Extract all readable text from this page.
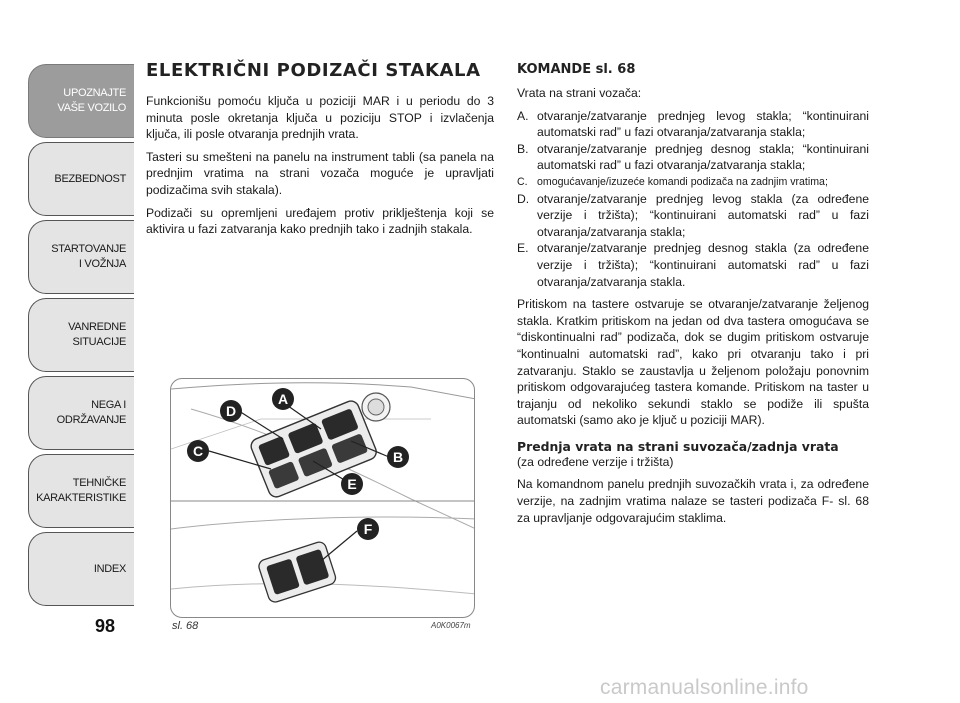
UPOZNAJTE
VAŠE VOZILO
BEZBEDNOST
STARTOVANJE
I VOŽNJA
VANREDNE
SITUACIJE
NEGA I
ODRŽAVANJE
TEHNIČKE
KARAKTERISTIKE
INDEX
98
ELEKTRIČNI PODIZAČI STAKALA

Funkcionišu pomoću ključa u poziciji MAR i u periodu do 3 minuta posle okretanja ključa u poziciju STOP i izvlačenja ključa, ili posle otvaranja prednjih vrata.

Tasteri su smešteni na panelu na instrument tabli (sa panela na prednjim vratima na strani vozača moguće je upravljati podizačima svih stakala).

Podizači su opremljeni uređajem protiv priklještenja koji se aktivira u fazi zatvaranja kako prednjih tako i zadnjih stakala.

D
A
C	B
E
F
sl. 68	A0K0067m
KOMANDE sl. 68

Vrata na strani vozača:

A. otvaranje/zatvaranje prednjeg levog stakla; “kontinuirani automatski rad” u fazi otvaranja/zatvaranja stakla;
B. otvaranje/zatvaranje prednjeg desnog stakla; “kontinuirani automatski rad” u fazi otvaranja/zatvaranja stakla;
C. omogućavanje/izuzeće komandi podizača na zadnjim vratima;
D. otvaranje/zatvaranje prednjeg levog stakla (za određene verzije i tržišta); “kontinuirani automatski rad” u fazi otvaranja/zatvaranja stakla;
E. otvaranje/zatvaranje prednjeg desnog stakla (za određene verzije i tržišta); “kontinuirani automatski rad” u fazi otvaranja/zatvaranja stakla.

Pritiskom na tastere ostvaruje se otvaranje/zatvaranje željenog stakla. Kratkim pritiskom na jedan od dva tastera omogućava se “diskontinualni rad” podizača, dok se dugim pritiskom ostvaruje “kontinualni automatski rad”, kako pri otvaranju tako i pri zatvaranju. Staklo se zaustavlja u željenom položaju ponovnim pritiskom odgovarajućeg tastera komande. Pritiskom na taster u trajanju od nekoliko sekundi staklo se podiže ili spušta automatski (samo ako je ključ u poziciji MAR).

Prednja vrata na strani suvozača/zadnja vrata

(za određene verzije i tržišta)

Na komandnom panelu prednjih suvozačkih vrata i, za određene verzije, na zadnjim vratima nalaze se tasteri podizača F- sl. 68 za upravljanje odgovarajućim staklima.

carmanualsonline.info
